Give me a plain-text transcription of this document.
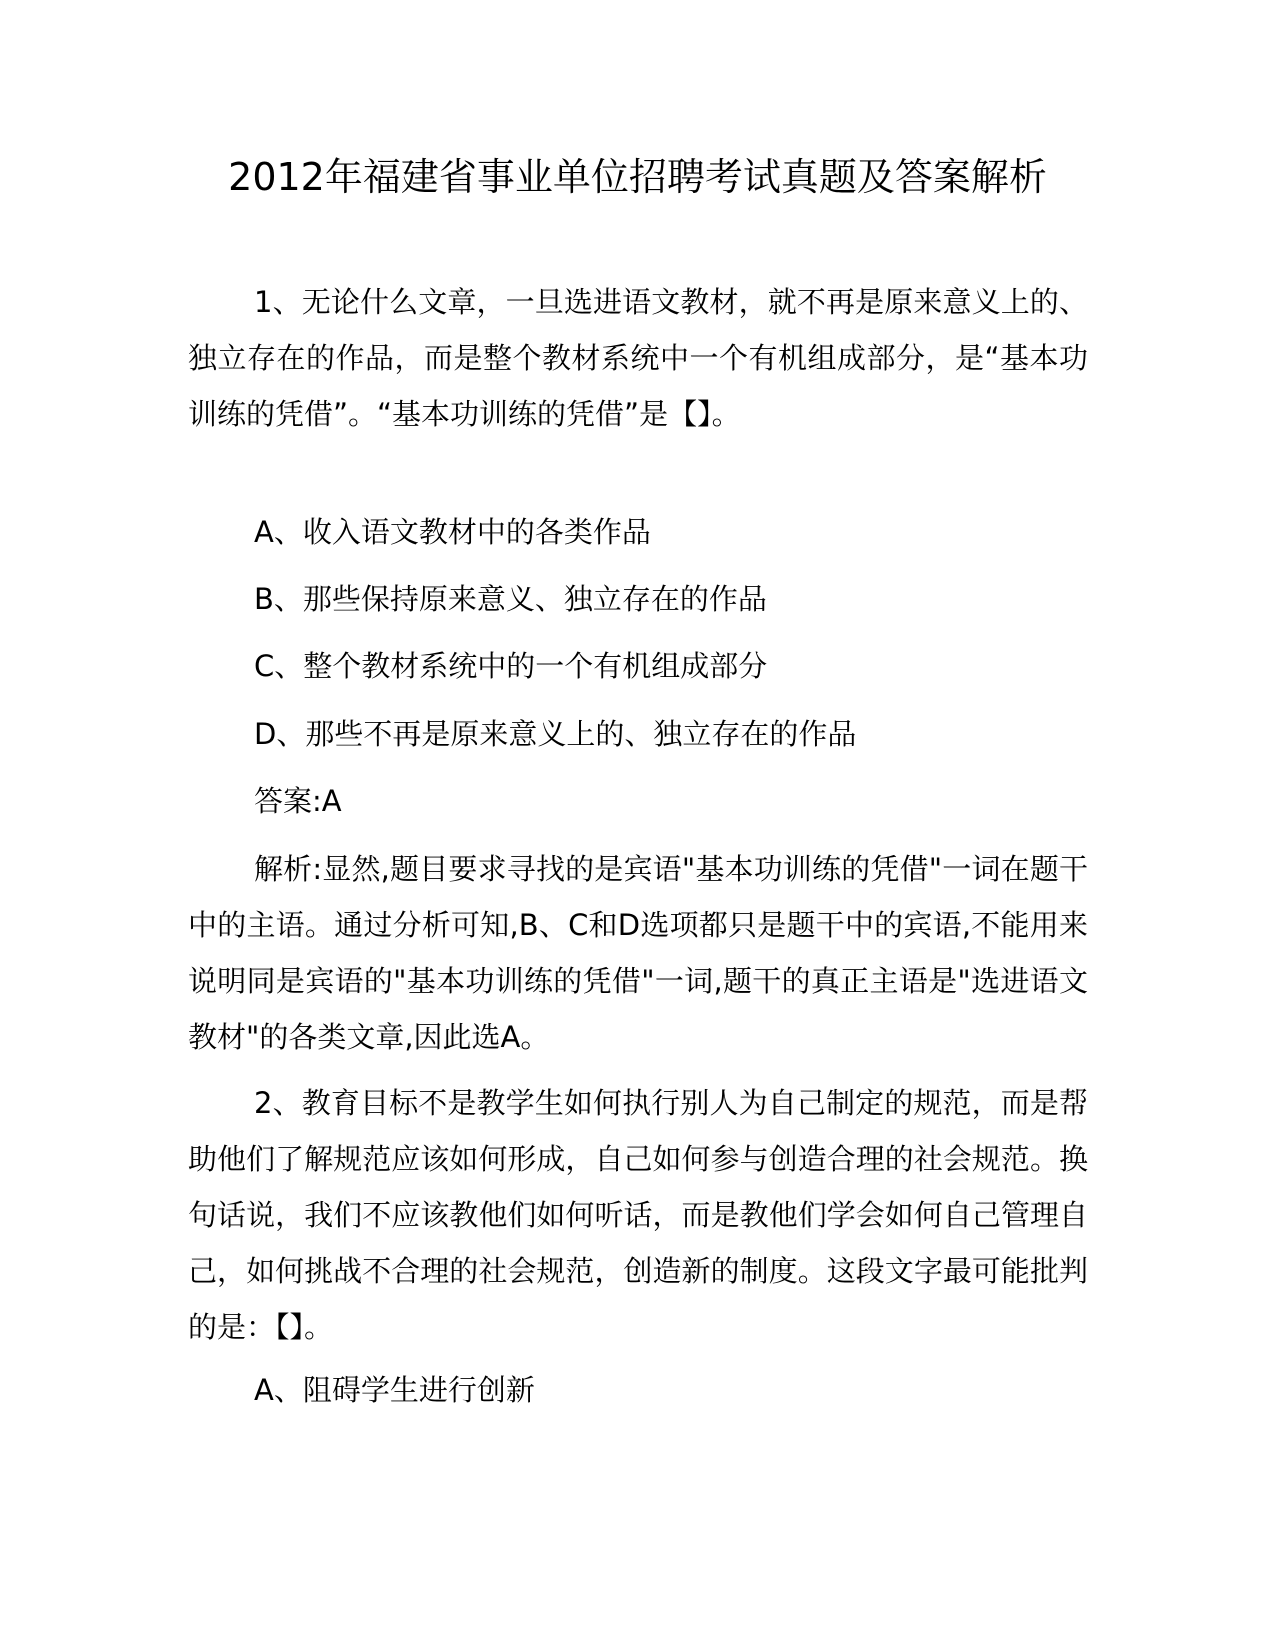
2012年福建省事业单位招聘考试真题及答案解析

1、无论什么文章，一旦选进语文教材，就不再是原来意义上的、独立存在的作品，而是整个教材系统中一个有机组成部分，是“基本功训练的凭借”。“基本功训练的凭借”是【】。

A、收入语文教材中的各类作品
B、那些保持原来意义、独立存在的作品
C、整个教材系统中的一个有机组成部分
D、那些不再是原来意义上的、独立存在的作品
答案:A

解析:显然,题目要求寻找的是宾语"基本功训练的凭借"一词在题干中的主语。通过分析可知,B、C和D选项都只是题干中的宾语,不能用来说明同是宾语的"基本功训练的凭借"一词,题干的真正主语是"选进语文教材"的各类文章,因此选A。

2、教育目标不是教学生如何执行别人为自己制定的规范，而是帮助他们了解规范应该如何形成，自己如何参与创造合理的社会规范。换句话说，我们不应该教他们如何听话，而是教他们学会如何自己管理自己，如何挑战不合理的社会规范，创造新的制度。这段文字最可能批判的是：【】。

A、阻碍学生进行创新
